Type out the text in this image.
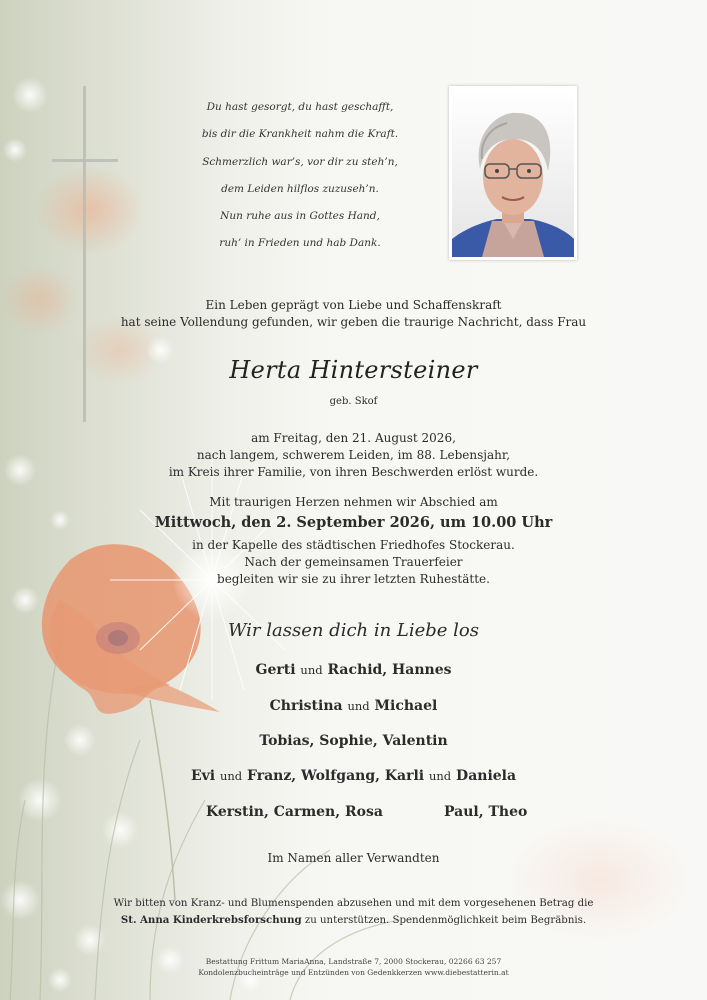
Du hast gesorgt, du hast geschafft,
bis dir die Krankheit nahm die Kraft.
Schmerzlich war’s, vor dir zu steh’n,
dem Leiden hilflos zuzuseh’n.
Nun ruhe aus in Gottes Hand,
ruh’ in Frieden und hab Dank.
Ein Leben geprägt von Liebe und Schaffenskraft
hat seine Vollendung gefunden, wir geben die traurige Nachricht, dass Frau
Herta Hintersteiner
geb. Skof
am Freitag, den 21. August 2026,
nach langem, schwerem Leiden, im 88. Lebensjahr,
im Kreis ihrer Familie, von ihren Beschwerden erlöst wurde.
Mit traurigen Herzen nehmen wir Abschied am
Mittwoch, den 2. September 2026, um 10.00 Uhr
in der Kapelle des städtischen Friedhofes Stockerau.
Nach der gemeinsamen Trauerfeier
begleiten wir sie zu ihrer letzten Ruhestätte.
Wir lassen dich in Liebe los
Gerti und Rachid, Hannes
Christina und Michael
Tobias, Sophie, Valentin
Evi und Franz, Wolfgang, Karli und Daniela
Kerstin, Carmen, Rosa	Paul, Theo
Im Namen aller Verwandten
Wir bitten von Kranz- und Blumenspenden abzusehen und mit dem vorgesehenen Betrag die
St. Anna Kinderkrebsforschung zu unterstützen. Spendenmöglichkeit beim Begräbnis.
Bestattung Frittum MariaAnna, Landstraße 7, 2000 Stockerau, 02266 63 257
Kondolenzbucheinträge und Entzünden von Gedenkkerzen www.diebestatterin.at
